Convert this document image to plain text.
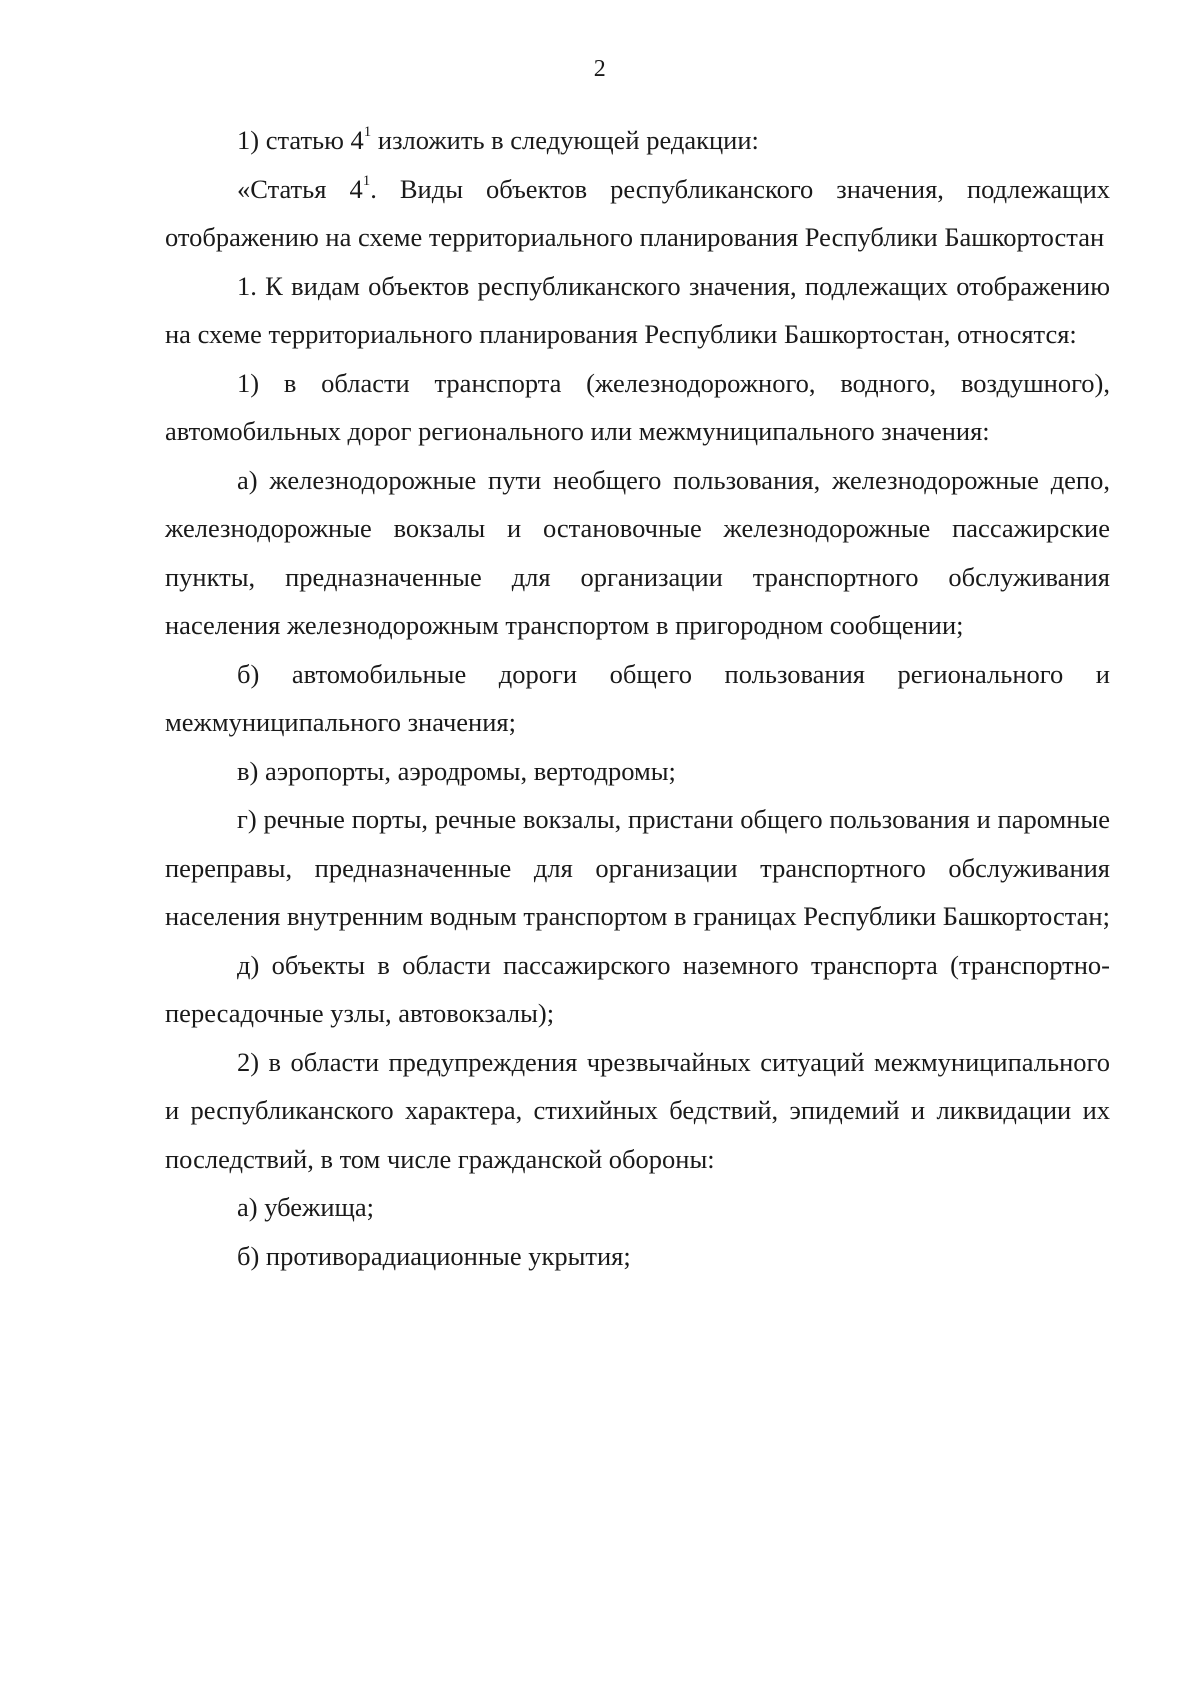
2

1) статью $4^1$ изложить в следующей редакции:

«Статья $4^1$. Виды объектов республиканского значения, подлежащих отображению на схеме территориального планирования Республики Башкортостан

1. К видам объектов республиканского значения, подлежащих отображению на схеме территориального планирования Республики Башкортостан, относятся:

1) в области транспорта (железнодорожного, водного, воздушного), автомобильных дорог регионального или межмуниципального значения:

а) железнодорожные пути необщего пользования, железнодорожные депо, железнодорожные вокзалы и остановочные железнодорожные пассажирские пункты, предназначенные для организации транспортного обслуживания населения железнодорожным транспортом в пригородном сообщении;

б) автомобильные дороги общего пользования регионального и межмуниципального значения;

в) аэропорты, аэродромы, вертодромы;

г) речные порты, речные вокзалы, пристани общего пользования и паромные переправы, предназначенные для организации транспортного обслуживания населения внутренним водным транспортом в границах Республики Башкортостан;

д) объекты в области пассажирского наземного транспорта (транспортно-пересадочные узлы, автовокзалы);

2) в области предупреждения чрезвычайных ситуаций межмуниципального и республиканского характера, стихийных бедствий, эпидемий и ликвидации их последствий, в том числе гражданской обороны:

а) убежища;

б) противорадиационные укрытия;
